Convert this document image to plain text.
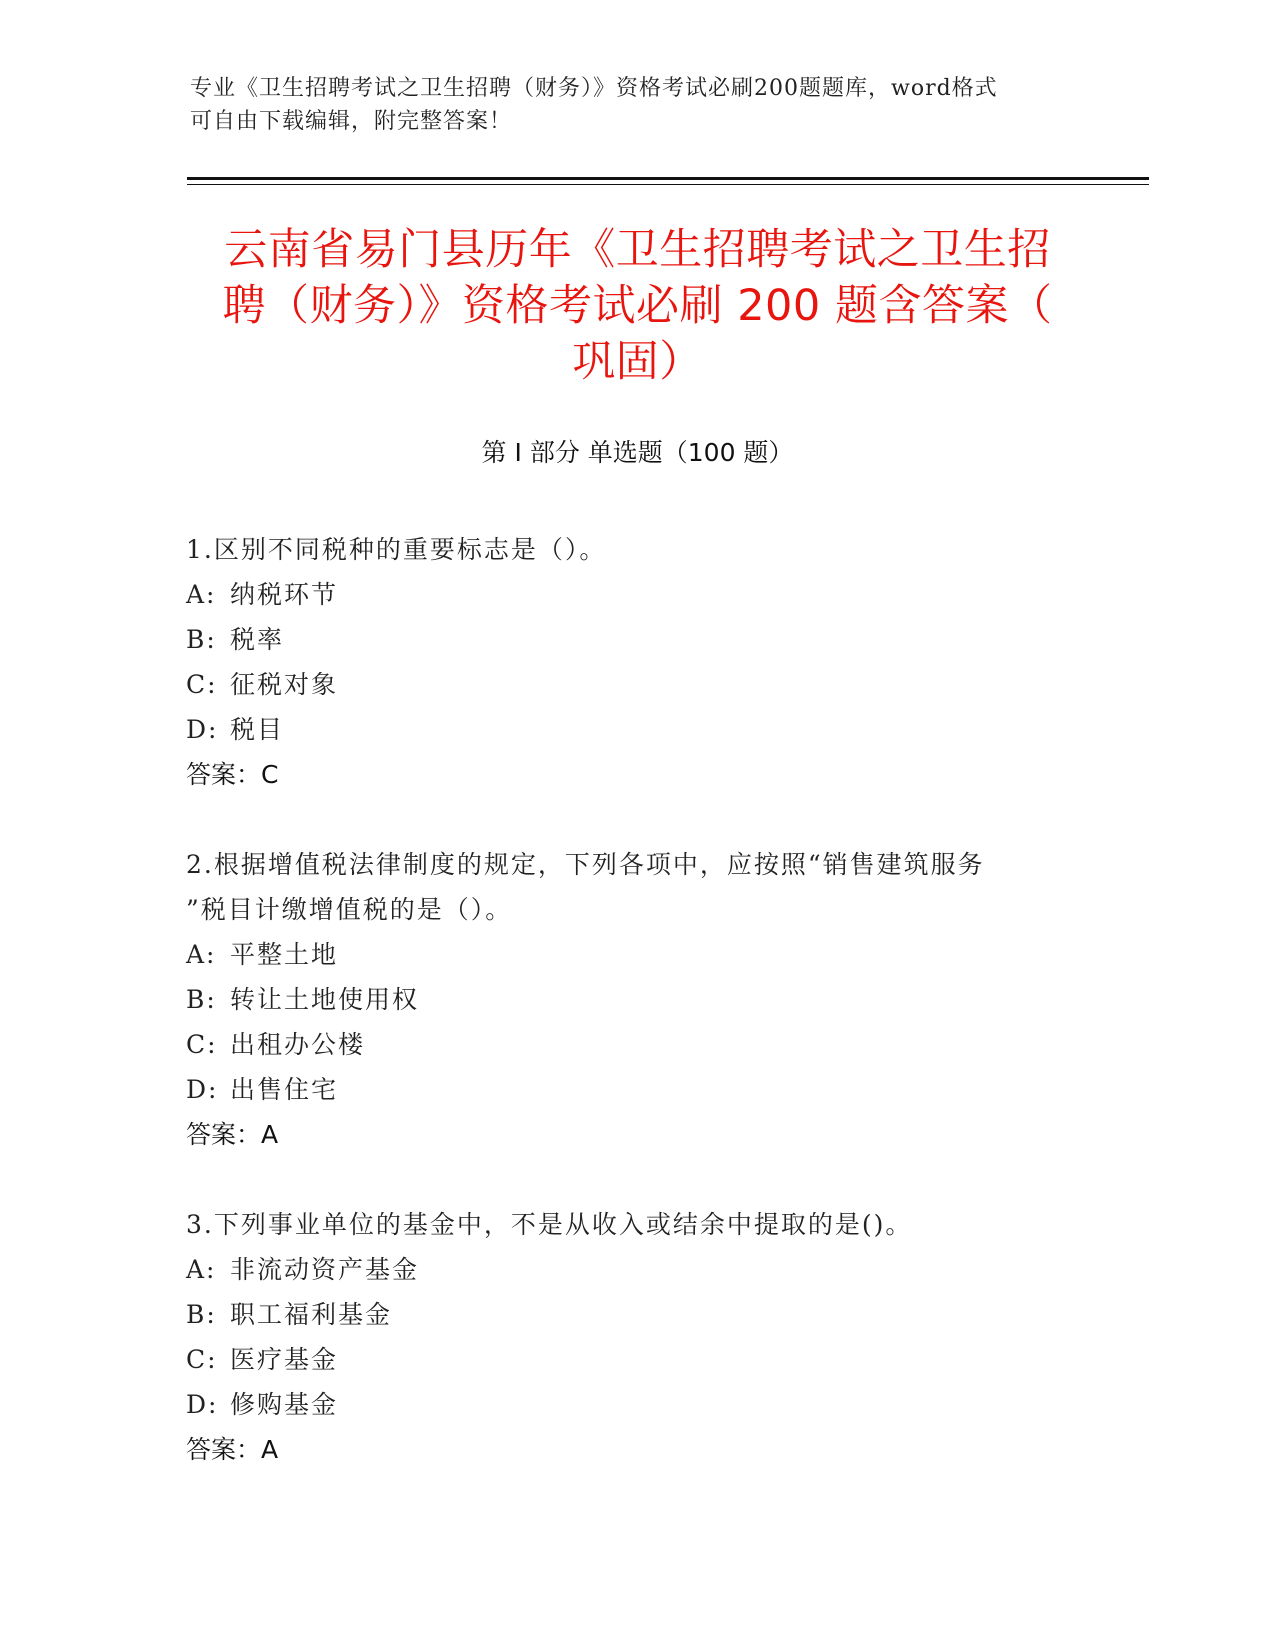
专业《卫生招聘考试之卫生招聘（财务）》资格考试必刷200题题库，word格式
可自由下载编辑，附完整答案！
云南省易门县历年《卫生招聘考试之卫生招
聘（财务）》资格考试必刷 200 题含答案（
巩固）
第 I 部分 单选题（100 题）
1.区别不同税种的重要标志是（）。
A: 纳税环节
B: 税率
C: 征税对象
D: 税目
答案：C
2.根据增值税法律制度的规定，下列各项中，应按照“销售建筑服务
”税目计缴增值税的是（）。
A: 平整土地
B: 转让土地使用权
C: 出租办公楼
D: 出售住宅
答案：A
3.下列事业单位的基金中，不是从收入或结余中提取的是()。
A: 非流动资产基金
B: 职工福利基金
C: 医疗基金
D: 修购基金
答案：A
